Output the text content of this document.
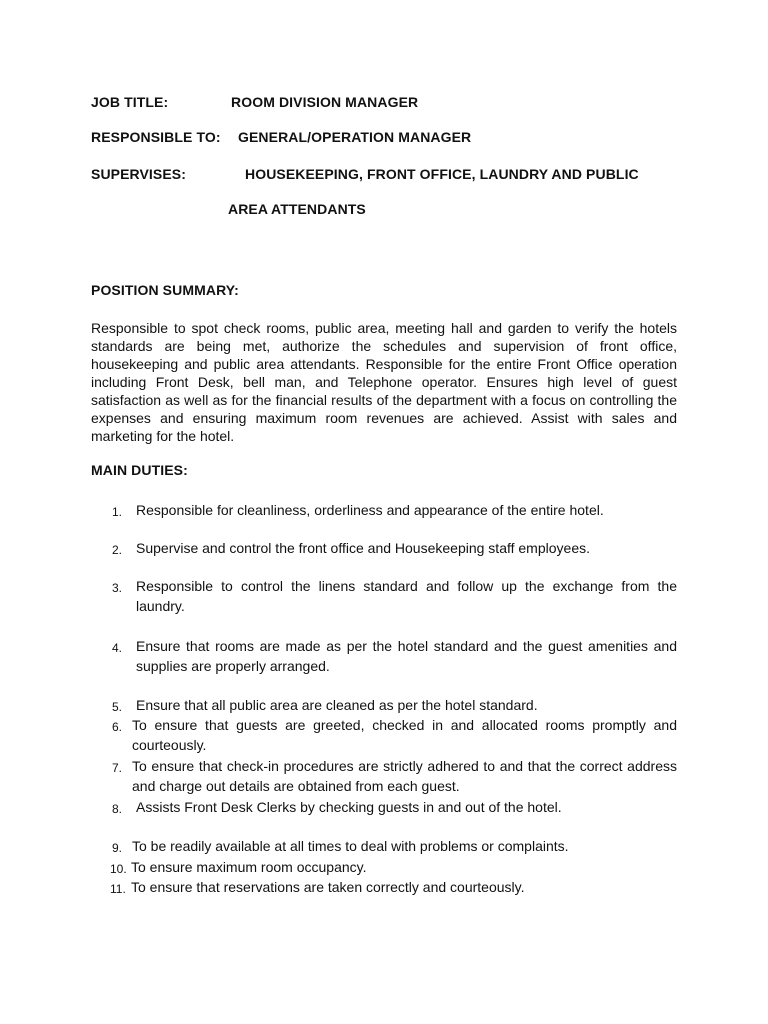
JOB TITLE:	ROOM DIVISION MANAGER
RESPONSIBLE TO: GENERAL/OPERATION MANAGER
SUPERVISES:	HOUSEKEEPING, FRONT OFFICE, LAUNDRY AND PUBLIC
AREA ATTENDANTS
POSITION SUMMARY:
Responsible to spot check rooms, public area, meeting hall and garden to verify the hotels standards are being met, authorize the schedules and supervision of front office, housekeeping and public area attendants. Responsible for the entire Front Office operation including Front Desk, bell man, and Telephone operator. Ensures high level of guest satisfaction as well as for the financial results of the department with a focus on controlling the expenses and ensuring maximum room revenues are achieved. Assist with sales and marketing for the hotel.
MAIN DUTIES:
1. Responsible for cleanliness, orderliness and appearance of the entire hotel.
2. Supervise and control the front office and Housekeeping staff employees.
3. Responsible to control the linens standard and follow up the exchange from the laundry.
4. Ensure that rooms are made as per the hotel standard and the guest amenities and supplies are properly arranged.
5. Ensure that all public area are cleaned as per the hotel standard.
6. To ensure that guests are greeted, checked in and allocated rooms promptly and courteously.
7. To ensure that check-in procedures are strictly adhered to and that the correct address and charge out details are obtained from each guest.
8. Assists Front Desk Clerks by checking guests in and out of the hotel.
9. To be readily available at all times to deal with problems or complaints.
10. To ensure maximum room occupancy.
11. To ensure that reservations are taken correctly and courteously.
